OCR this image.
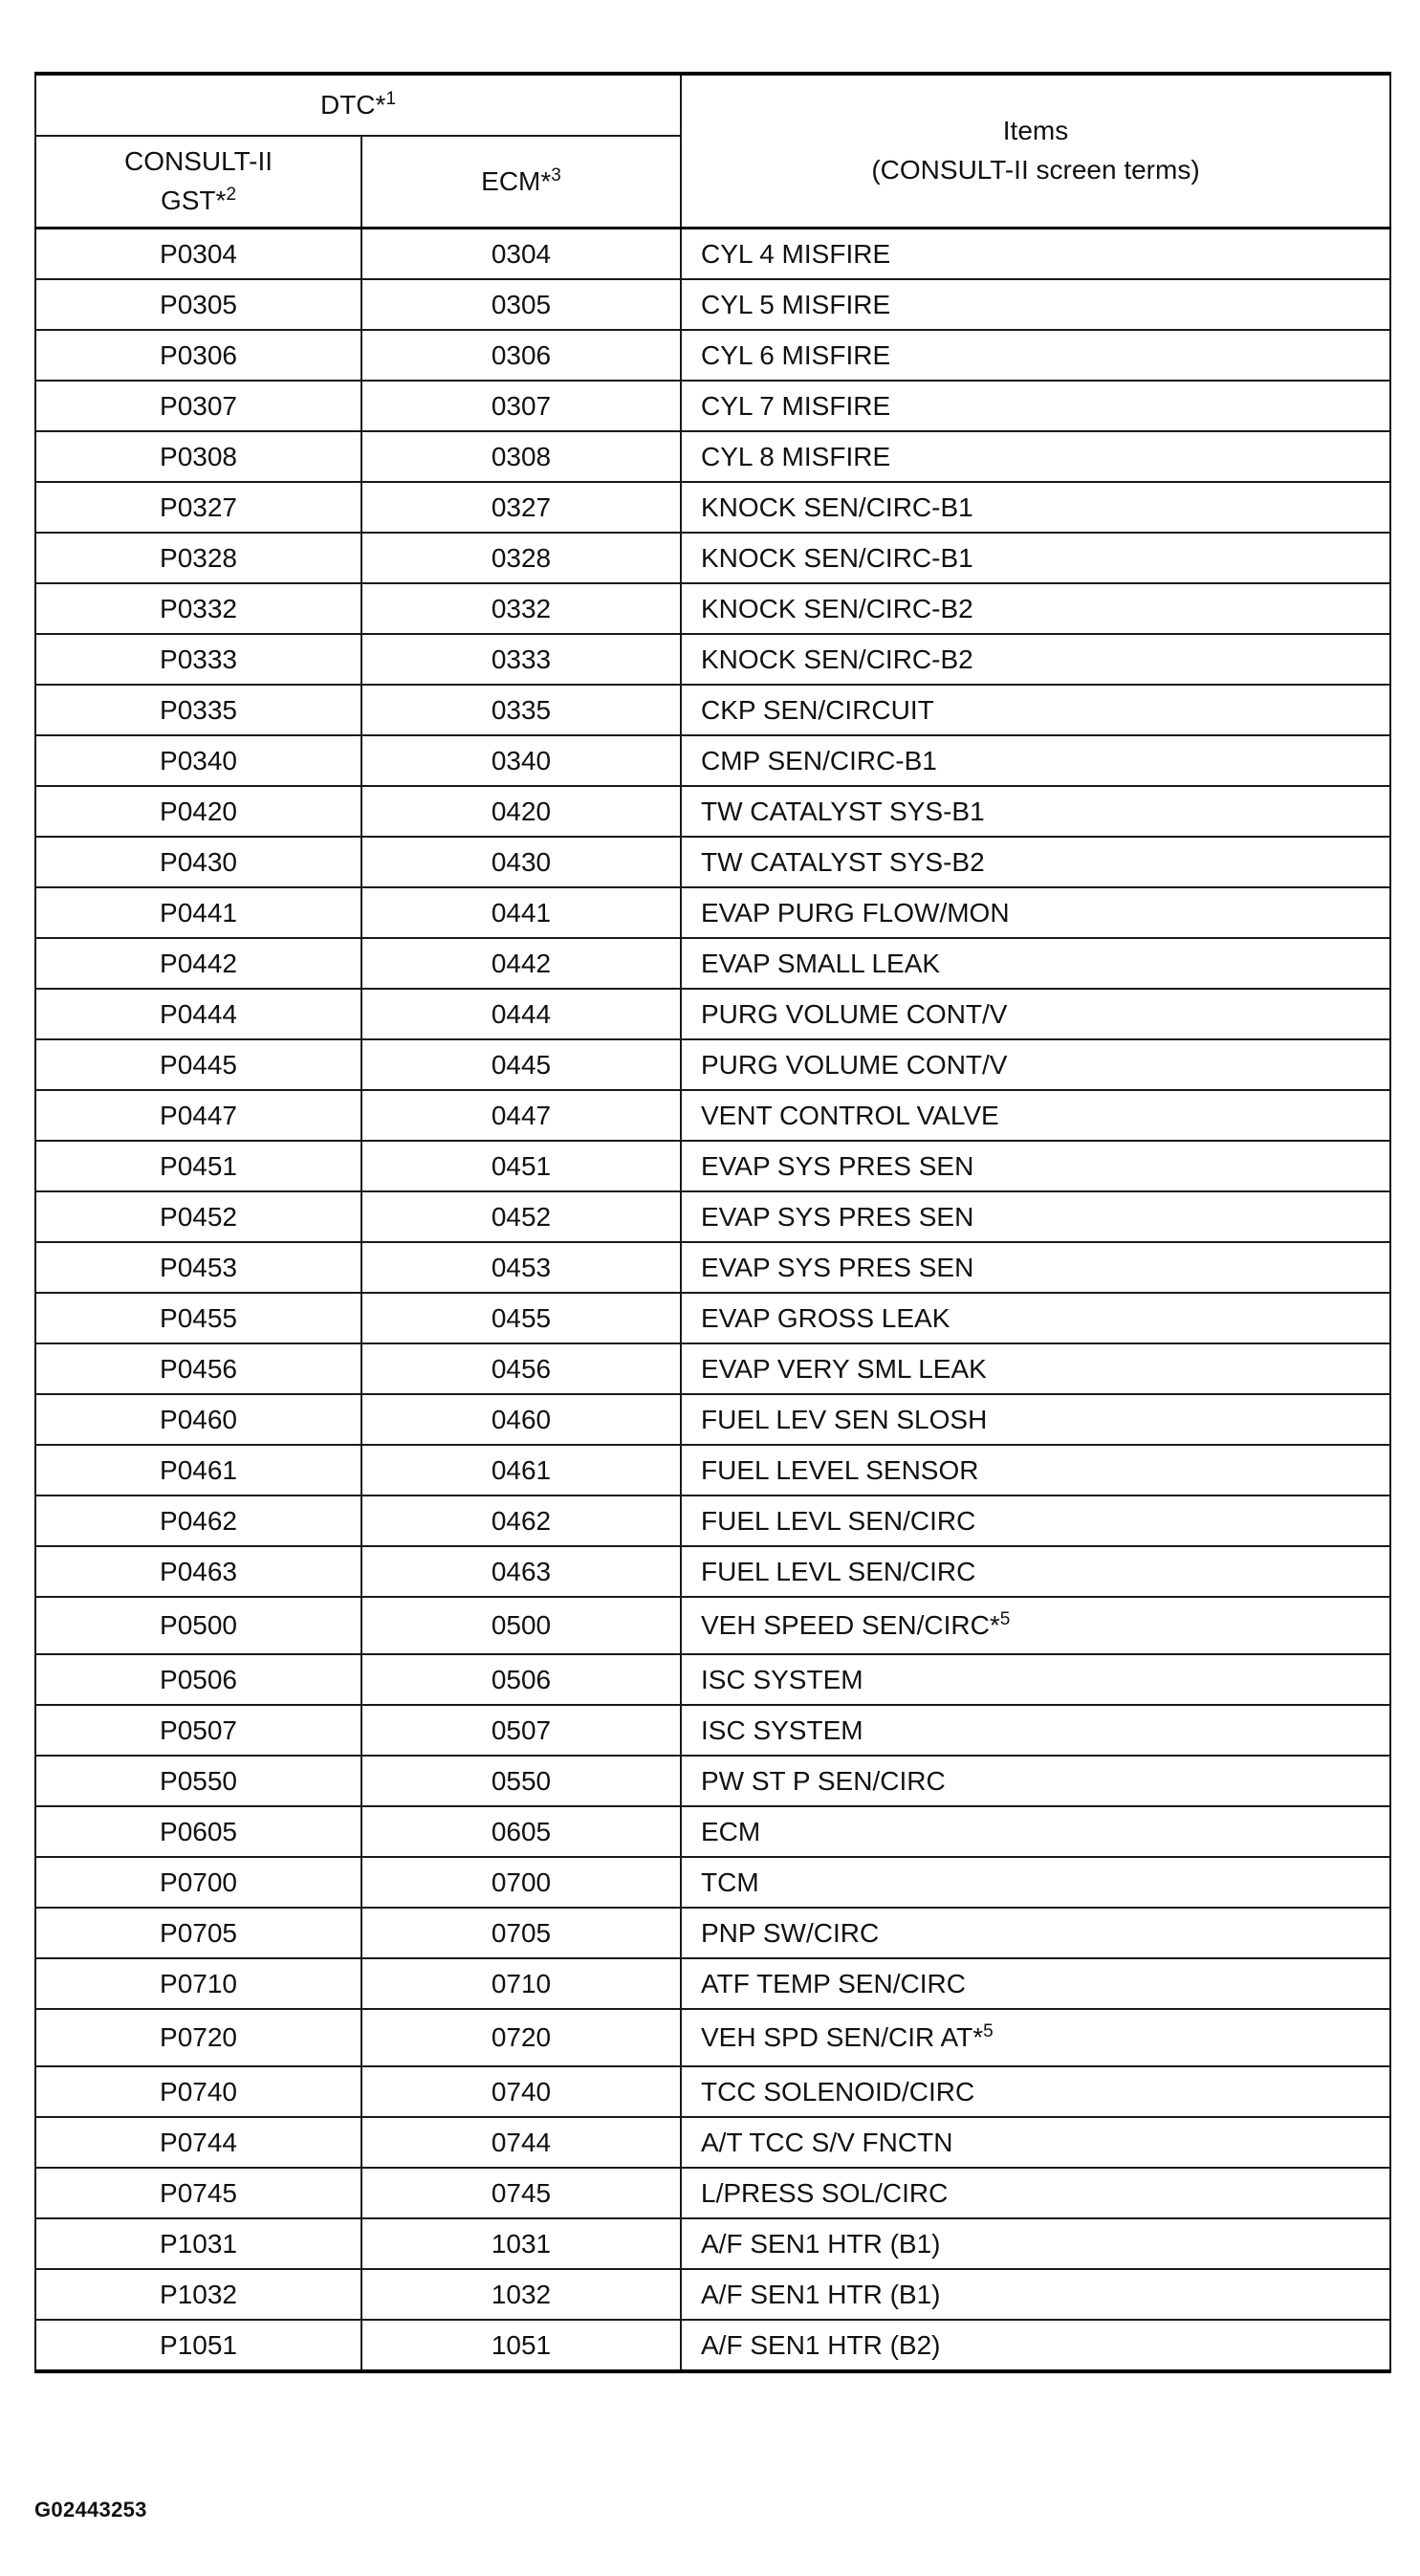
DTC*$^1$		Items
(CONSULT-II screen terms)
CONSULT-II
GST*$^2$	ECM*$^3$
P0304	0304	CYL 4 MISFIRE
P0305	0305	CYL 5 MISFIRE
P0306	0306	CYL 6 MISFIRE
P0307	0307	CYL 7 MISFIRE
P0308	0308	CYL 8 MISFIRE
P0327	0327	KNOCK SEN/CIRC-B1
P0328	0328	KNOCK SEN/CIRC-B1
P0332	0332	KNOCK SEN/CIRC-B2
P0333	0333	KNOCK SEN/CIRC-B2
P0335	0335	CKP SEN/CIRCUIT
P0340	0340	CMP SEN/CIRC-B1
P0420	0420	TW CATALYST SYS-B1
P0430	0430	TW CATALYST SYS-B2
P0441	0441	EVAP PURG FLOW/MON
P0442	0442	EVAP SMALL LEAK
P0444	0444	PURG VOLUME CONT/V
P0445	0445	PURG VOLUME CONT/V
P0447	0447	VENT CONTROL VALVE
P0451	0451	EVAP SYS PRES SEN
P0452	0452	EVAP SYS PRES SEN
P0453	0453	EVAP SYS PRES SEN
P0455	0455	EVAP GROSS LEAK
P0456	0456	EVAP VERY SML LEAK
P0460	0460	FUEL LEV SEN SLOSH
P0461	0461	FUEL LEVEL SENSOR
P0462	0462	FUEL LEVL SEN/CIRC
P0463	0463	FUEL LEVL SEN/CIRC
P0500	0500	VEH SPEED SEN/CIRC*$^5$
P0506	0506	ISC SYSTEM
P0507	0507	ISC SYSTEM
P0550	0550	PW ST P SEN/CIRC
P0605	0605	ECM
P0700	0700	TCM
P0705	0705	PNP SW/CIRC
P0710	0710	ATF TEMP SEN/CIRC
P0720	0720	VEH SPD SEN/CIR AT*$^5$
P0740	0740	TCC SOLENOID/CIRC
P0744	0744	A/T TCC S/V FNCTN
P0745	0745	L/PRESS SOL/CIRC
P1031	1031	A/F SEN1 HTR (B1)
P1032	1032	A/F SEN1 HTR (B1)
P1051	1051	A/F SEN1 HTR (B2)
G02443253
